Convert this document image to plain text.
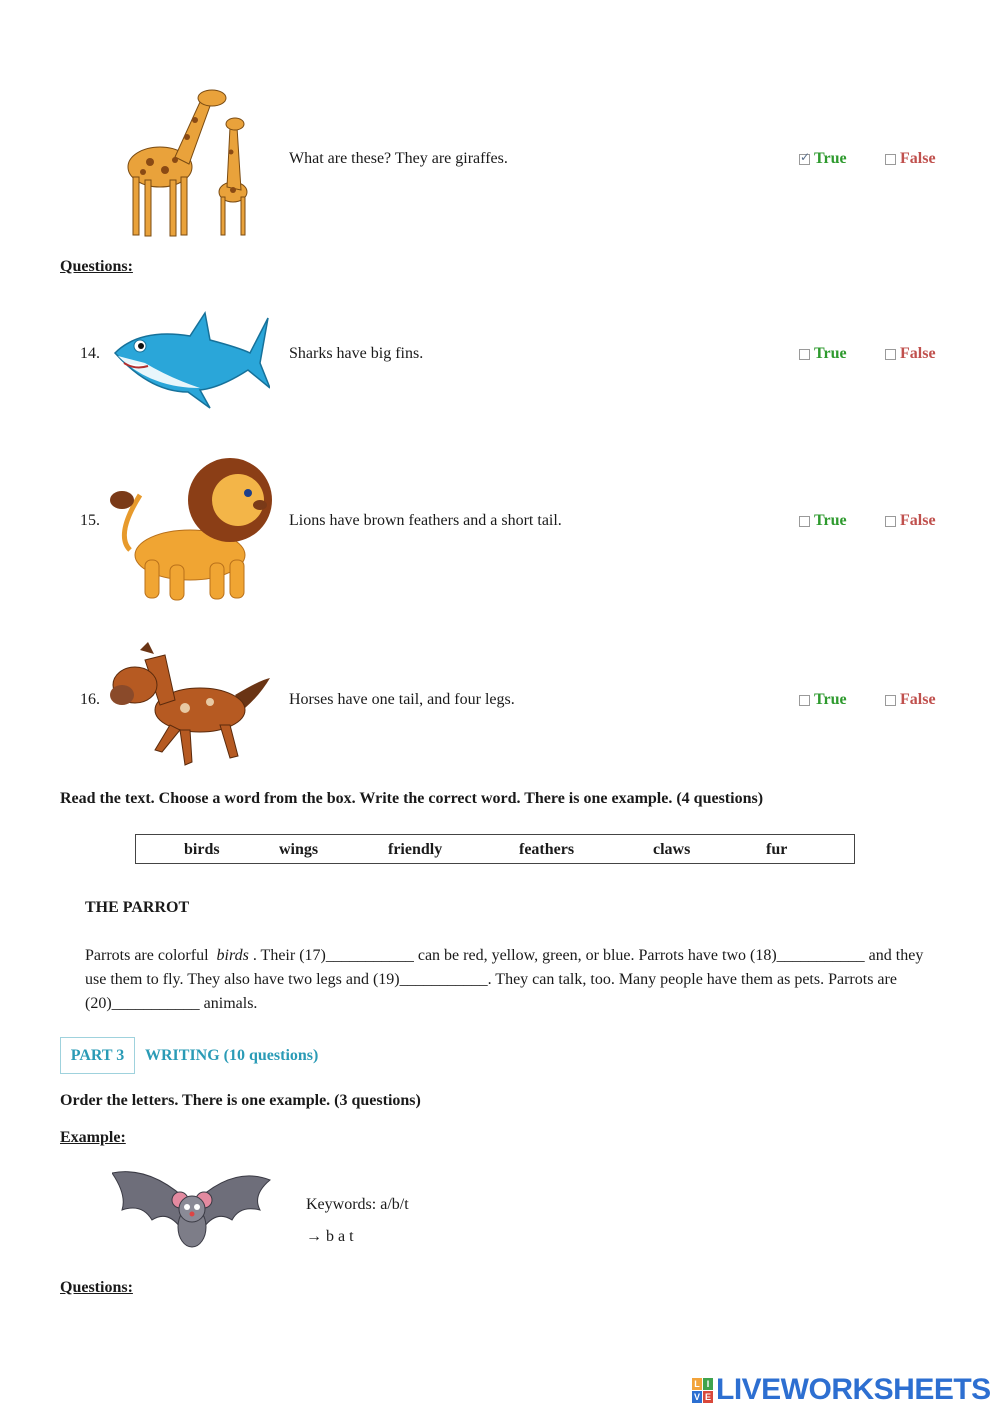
What are these? They are giraffes.
✓	True	False
Questions:
14.	Sharks have big fins.	True	False
15.	Lions have brown feathers and a short tail.	True	False
16.	Horses have one tail, and four legs.	True	False
Read the text. Choose a word from the box. Write the correct word. There is one example. (4 questions)
birds	wings	friendly	feathers	claws	fur
THE PARROT
Parrots are colorful birds . Their (17)___________ can be red, yellow, green, or blue. Parrots have two (18)___________ and they use them to fly. They also have two legs and (19)___________. They can talk, too. Many people have them as pets. Parrots are (20)___________ animals.
PART 3	WRITING (10 questions)
Order the letters. There is one example. (3 questions)
Example:
Keywords: a/b/t
→ b a t
Questions:
L I
V E LIVEWORKSHEETS
